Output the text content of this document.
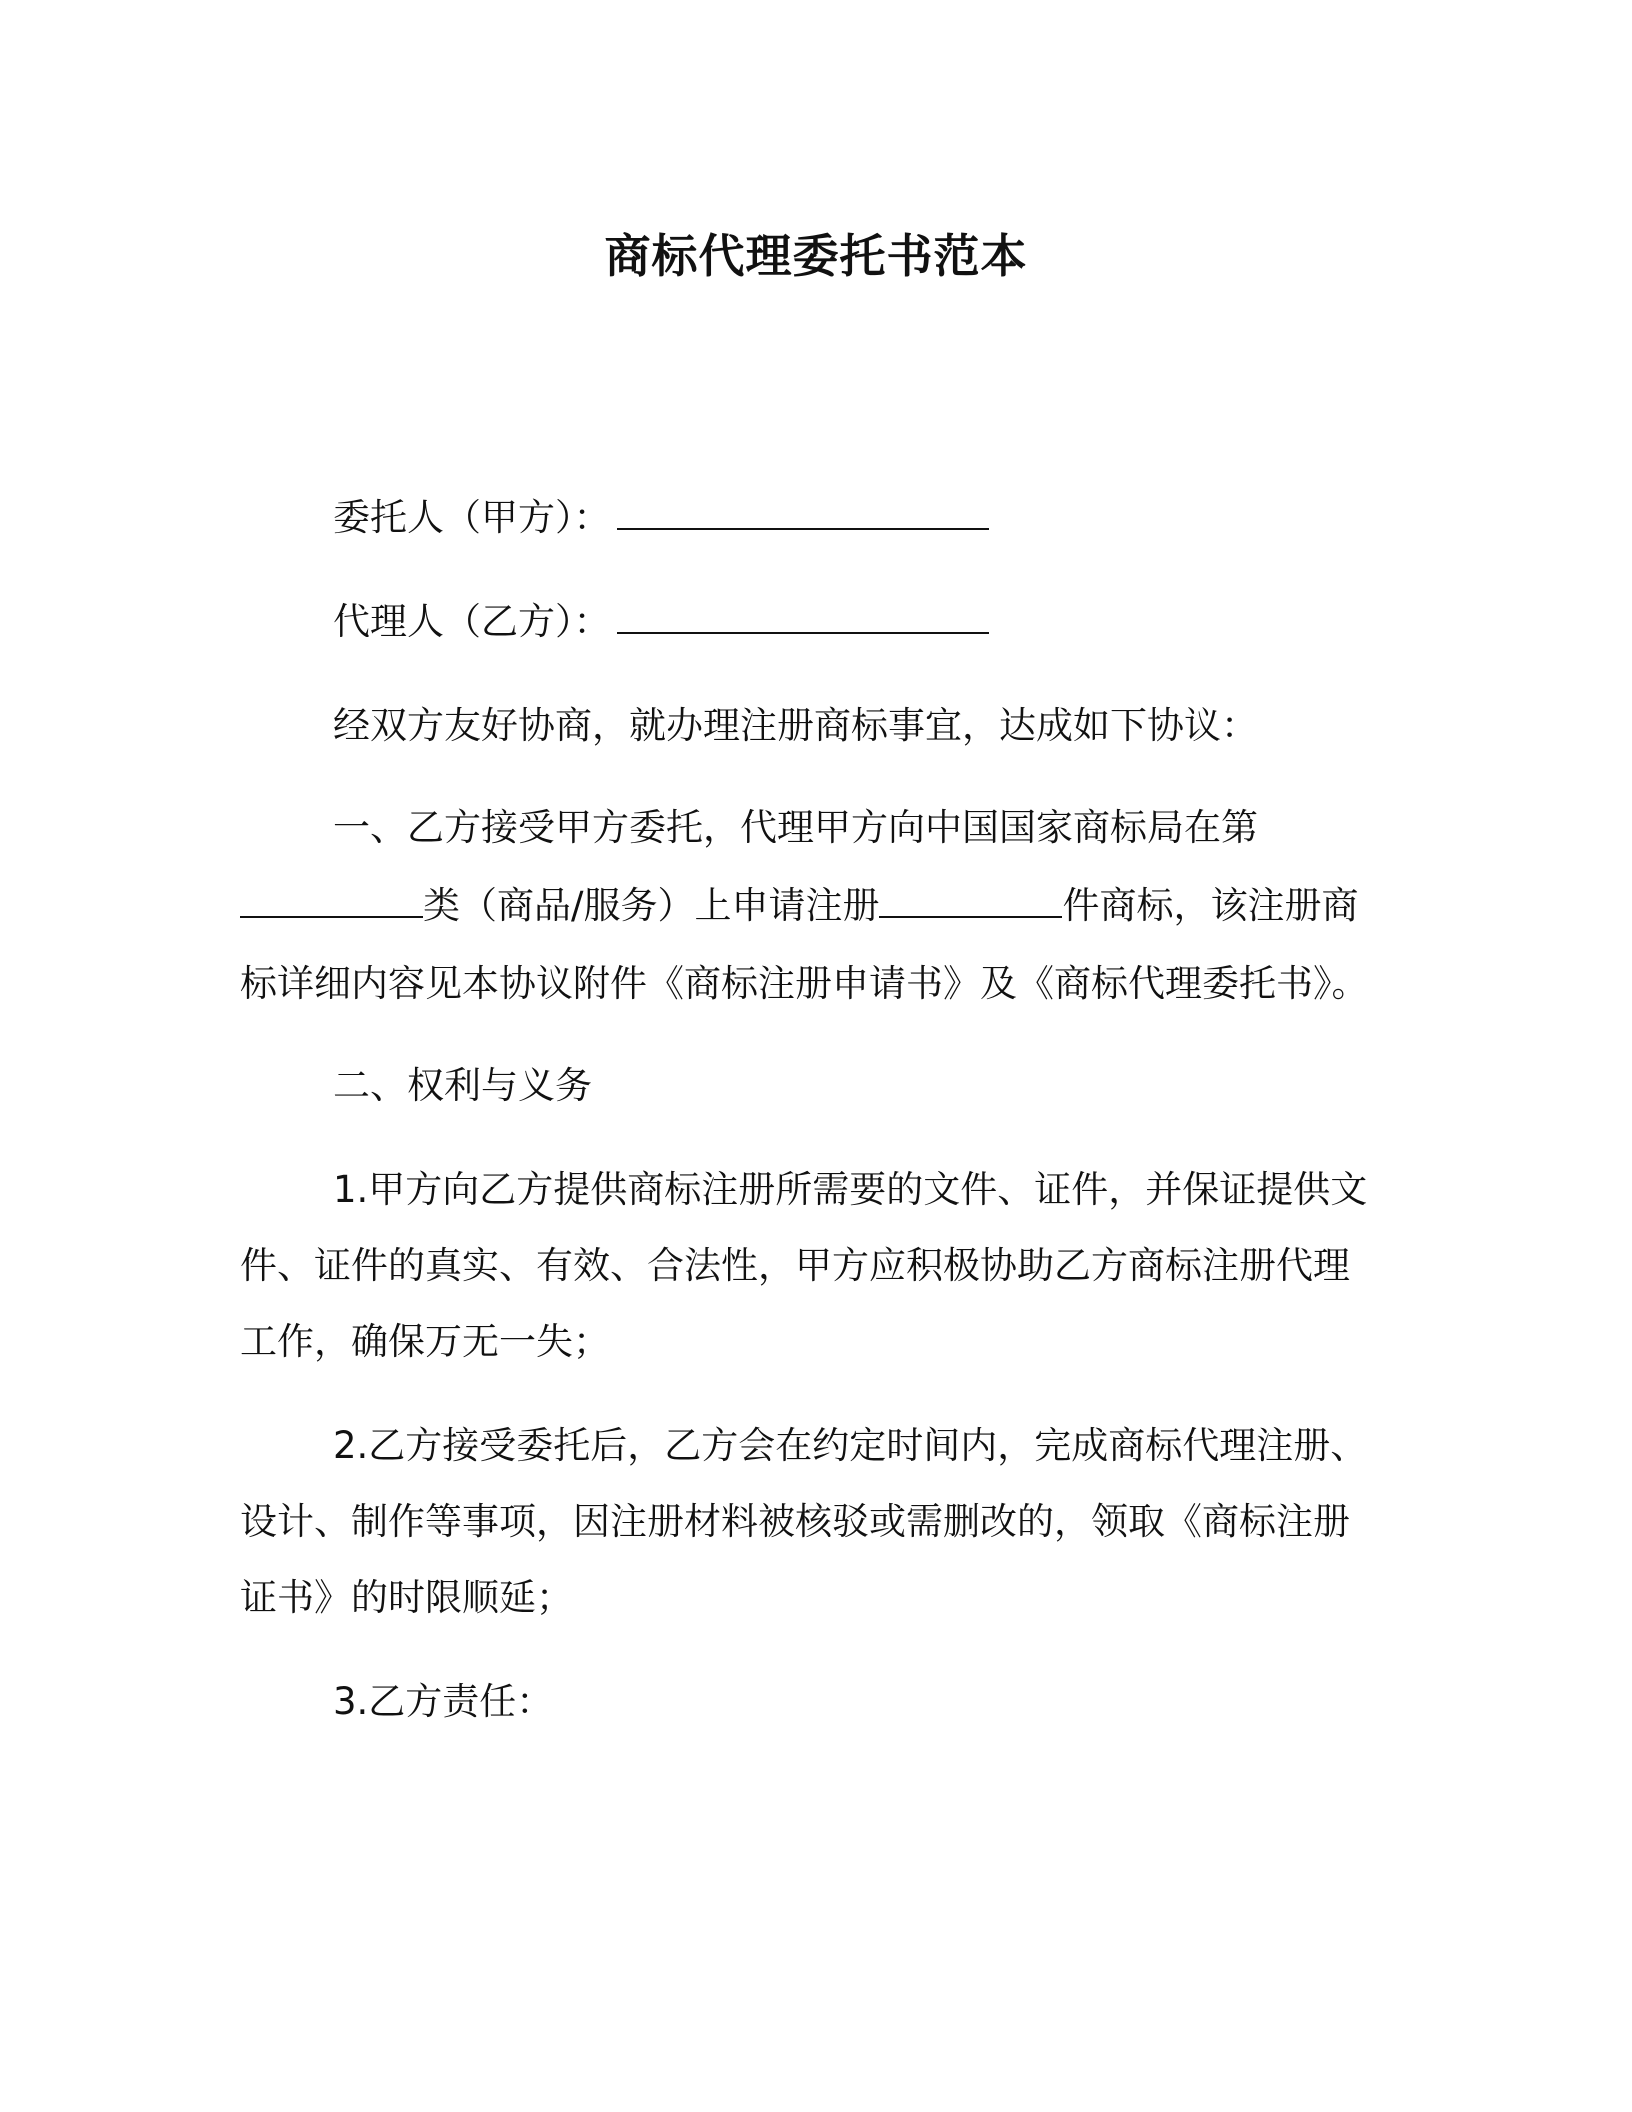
商标代理委托书范本
委托人（甲方）：
代理人（乙方）：
经双方友好协商，就办理注册商标事宜，达成如下协议：
一、乙方接受甲方委托，代理甲方向中国国家商标局在第
类（商品/服务）上申请注册	件商标，该注册商
标详细内容见本协议附件《商标注册申请书》及《商标代理委托书》。
二、权利与义务
1.甲方向乙方提供商标注册所需要的文件、证件，并保证提供文
件、证件的真实、有效、合法性，甲方应积极协助乙方商标注册代理
工作，确保万无一失；
2.乙方接受委托后，乙方会在约定时间内，完成商标代理注册、
设计、制作等事项，因注册材料被核驳或需删改的，领取《商标注册
证书》的时限顺延；
3.乙方责任：
